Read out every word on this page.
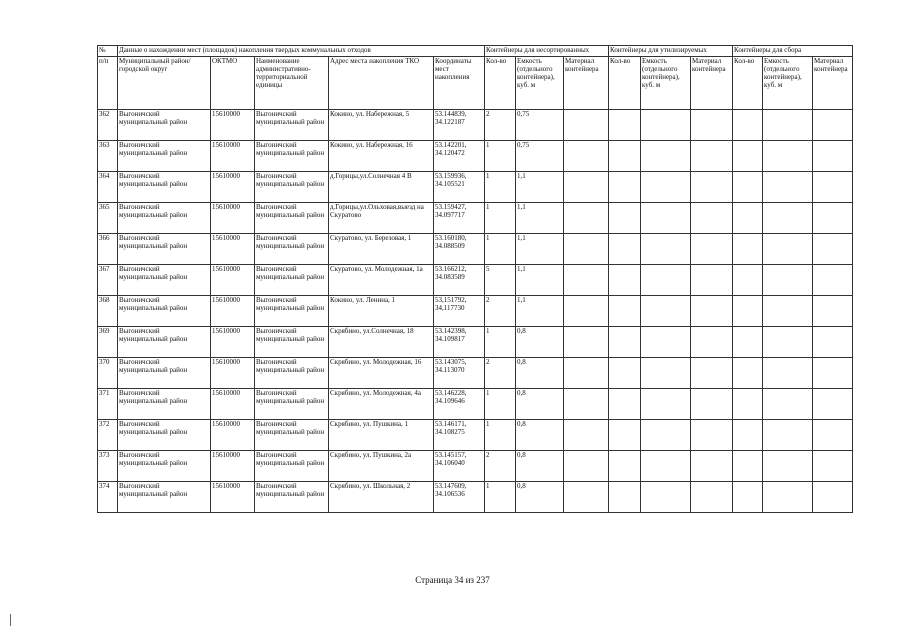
№	Данные о нахождении мест (площадок) накопления твердых коммунальных отходов					Контейнеры для несортированных			Контейнеры для утилизируемых			Контейнеры для сбора		
п/п	Муниципальный район/городской округ	ОКТМО	Наименование административно-территориальной единицы	Адрес места накопления ТКО	Координаты мест накопления	Кол-во	Емкость (отдельного контейнера), куб. м	Материал контейнера	Кол-во	Емкость (отдельного контейнера), куб. м	Материал контейнера	Кол-во	Емкость (отдельного контейнера), куб. м	Материал контейнера
362	Выгоничский муниципальный район	15610000	Выгоничский муниципальный район	Кокино, ул. Набережная, 5	53.144839, 34.122187	2	0,75							
363	Выгоничский муниципальный район	15610000	Выгоничский муниципальный район	Кокино, ул. Набережная, 16	53.142201, 34.120472	1	0,75							
364	Выгоничский муниципальный район	15610000	Выгоничский муниципальный район	д.Горицы,ул.Солнечная 4 В	53.159936, 34.105521	1	1,1							
365	Выгоничский муниципальный район	15610000	Выгоничский муниципальный район	д.Горицы,ул.Ольховая,выезд на Скуратово	53.159427, 34.097717	1	1,1							
366	Выгоничский муниципальный район	15610000	Выгоничский муниципальный район	Скуратово, ул. Березовая, 1	53.160180, 34.088509	1	1,1							
367	Выгоничский муниципальный район	15610000	Выгоничский муниципальный район	Скуратово, ул. Молодежная, 1а	53.166212, 34.083589	5	1,1							
368	Выгоничский муниципальный район	15610000	Выгоничский муниципальный район	Кокино, ул. Ленина, 1	53,151792, 34,117730	2	1,1							
369	Выгоничский муниципальный район	15610000	Выгоничский муниципальный район	Скрябино, ул.Солнечная, 18	53.142398, 34.109817	1	0,8							
370	Выгоничский муниципальный район	15610000	Выгоничский муниципальный район	Скрябино, ул. Молодежная, 16	53.143075, 34.113070	2	0,8							
371	Выгоничский муниципальный район	15610000	Выгоничский муниципальный район	Скрябино, ул. Молодежная, 4а	53.146228, 34.109646	1	0,8							
372	Выгоничский муниципальный район	15610000	Выгоничский муниципальный район	Скрябино, ул. Пушкина, 1	53.146171, 34.108275	1	0,8							
373	Выгоничский муниципальный район	15610000	Выгоничский муниципальный район	Скрябино, ул. Пушкина, 2а	53.145157, 34.106040	2	0,8							
374	Выгоничский муниципальный район	15610000	Выгоничский муниципальный район	Скрябино, ул. Школьная, 2	53.147609, 34.106536	1	0,8							
Страница 34 из 237
